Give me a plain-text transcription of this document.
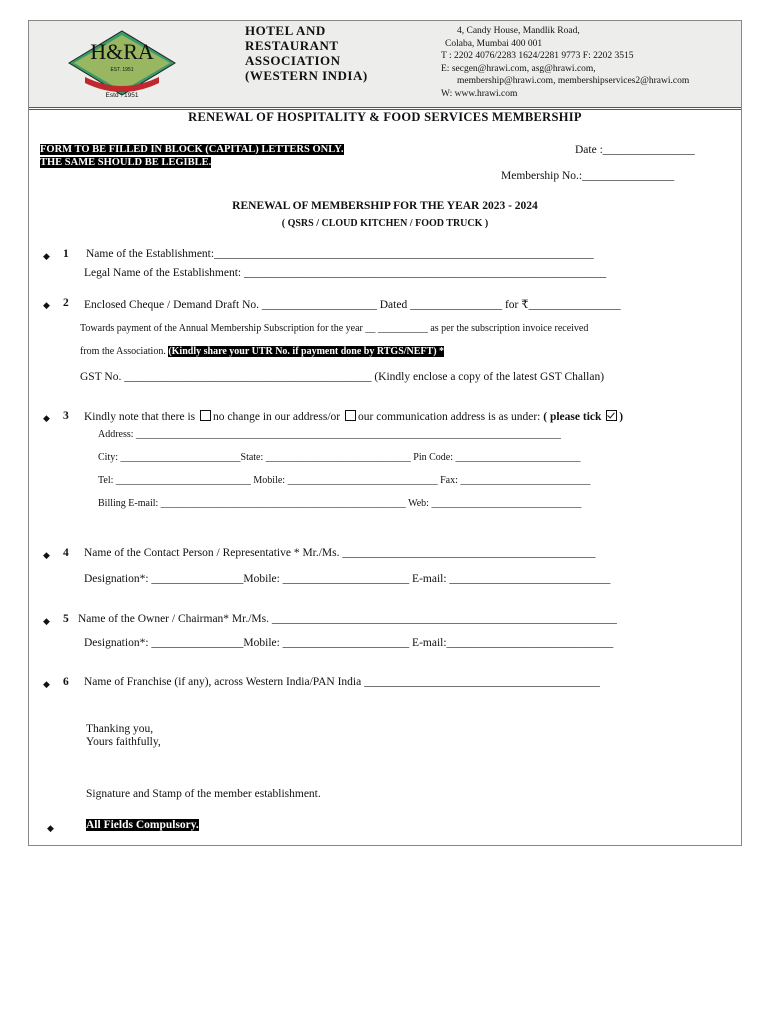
H&RA
EST. 1951
Estd : 1951
HOTEL AND
RESTAURANT
ASSOCIATION
(WESTERN INDIA)
4, Candy House, Mandlik Road,
Colaba, Mumbai 400 001
T : 2202 4076/2283 1624/2281 9773 F: 2202 3515
E: secgen@hrawi.com, asg@hrawi.com,
membership@hrawi.com, membershipservices2@hrawi.com
W: www.hrawi.com
RENEWAL OF HOSPITALITY & FOOD SERVICES MEMBERSHIP
FORM TO BE FILLED IN BLOCK (CAPITAL) LETTERS ONLY.
THE SAME SHOULD BE LEGIBLE.
Date :________________
Membership No.:________________
RENEWAL OF MEMBERSHIP FOR THE YEAR 2023 - 2024
( QSRS / CLOUD KITCHEN / FOOD TRUCK )
◆ 1 Name of the Establishment:__________________________________________________________________
Legal Name of the Establishment: _______________________________________________________________
◆ 2 Enclosed Cheque / Demand Draft No. ____________________ Dated ________________ for ₹________________
Towards payment of the Annual Membership Subscription for the year __ __________ as per the subscription invoice received
from the Association. (Kindly share your UTR No. if payment done by RTGS/NEFT) *
GST No. ___________________________________________ (Kindly enclose a copy of the latest GST Challan)
◆ 3 Kindly note that there is no change in our address/or our communication address is as under: ( please tick )
Address: _____________________________________________________________________________________
City: ________________________State: _____________________________ Pin Code: _________________________
Tel: ___________________________ Mobile: ______________________________ Fax: __________________________
Billing E-mail: _________________________________________________ Web: ______________________________
◆ 4 Name of the Contact Person / Representative * Mr./Ms. ____________________________________________
Designation*: ________________Mobile: ______________________ E-mail: ____________________________
◆ 5 Name of the Owner / Chairman* Mr./Ms. ____________________________________________________________
Designation*: ________________Mobile: ______________________ E-mail:_____________________________
◆ 6 Name of Franchise (if any), across Western India/PAN India _________________________________________
Thanking you,
Yours faithfully,
Signature and Stamp of the member establishment.
◆	All Fields Compulsory.
